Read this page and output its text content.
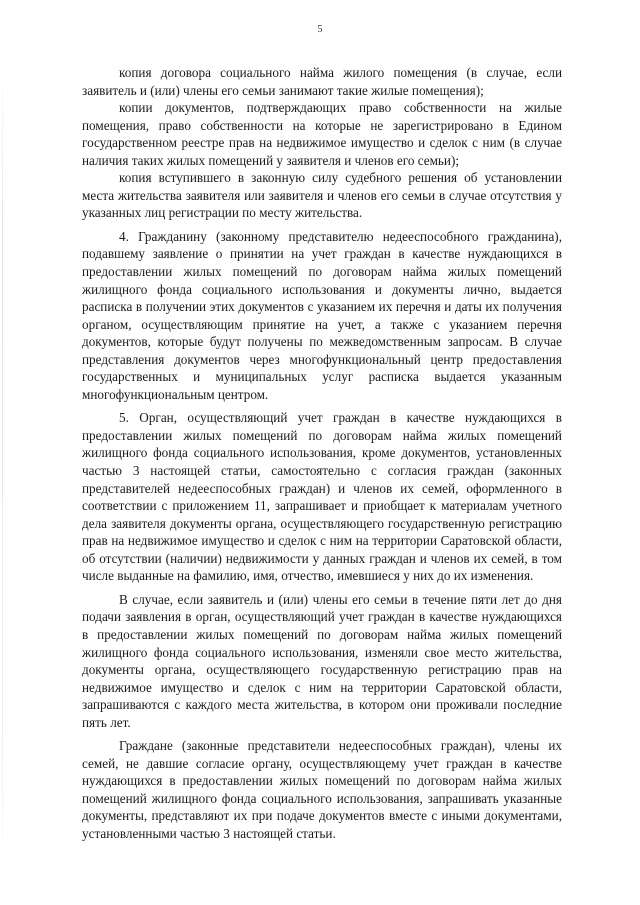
5

копия договора социального найма жилого помещения (в случае, если заявитель и (или) члены его семьи занимают такие жилые помещения);

копии документов, подтверждающих право собственности на жилые помещения, право собственности на которые не зарегистрировано в Едином государственном реестре прав на недвижимое имущество и сделок с ним (в случае наличия таких жилых помещений у заявителя и членов его семьи);

копия вступившего в законную силу судебного решения об установлении места жительства заявителя или заявителя и членов его семьи в случае отсутствия у указанных лиц регистрации по месту жительства.

4. Гражданину (законному представителю недееспособного гражданина), подавшему заявление о принятии на учет граждан в качестве нуждающихся в предоставлении жилых помещений по договорам найма жилых помещений жилищного фонда социального использования и документы лично, выдается расписка в получении этих документов с указанием их перечня и даты их получения органом, осуществляющим принятие на учет, а также с указанием перечня документов, которые будут получены по межведомственным запросам. В случае представления документов через многофункциональный центр предоставления государственных и муниципальных услуг расписка выдается указанным многофункциональным центром.

5. Орган, осуществляющий учет граждан в качестве нуждающихся в предоставлении жилых помещений по договорам найма жилых помещений жилищного фонда социального использования, кроме документов, установленных частью 3 настоящей статьи, самостоятельно с согласия граждан (законных представителей недееспособных граждан) и членов их семей, оформленного в соответствии с приложением 11, запрашивает и приобщает к материалам учетного дела заявителя документы органа, осуществляющего государственную регистрацию прав на недвижимое имущество и сделок с ним на территории Саратовской области, об отсутствии (наличии) недвижимости у данных граждан и членов их семей, в том числе выданные на фамилию, имя, отчество, имевшиеся у них до их изменения.

В случае, если заявитель и (или) члены его семьи в течение пяти лет до дня подачи заявления в орган, осуществляющий учет граждан в качестве нуждающихся в предоставлении жилых помещений по договорам найма жилых помещений жилищного фонда социального использования, изменяли свое место жительства, документы органа, осуществляющего государственную регистрацию прав на недвижимое имущество и сделок с ним на территории Саратовской области, запрашиваются с каждого места жительства, в котором они проживали последние пять лет.

Граждане (законные представители недееспособных граждан), члены их семей, не давшие согласие органу, осуществляющему учет граждан в качестве нуждающихся в предоставлении жилых помещений по договорам найма жилых помещений жилищного фонда социального использования, запрашивать указанные документы, представляют их при подаче документов вместе с иными документами, установленными частью 3 настоящей статьи.
